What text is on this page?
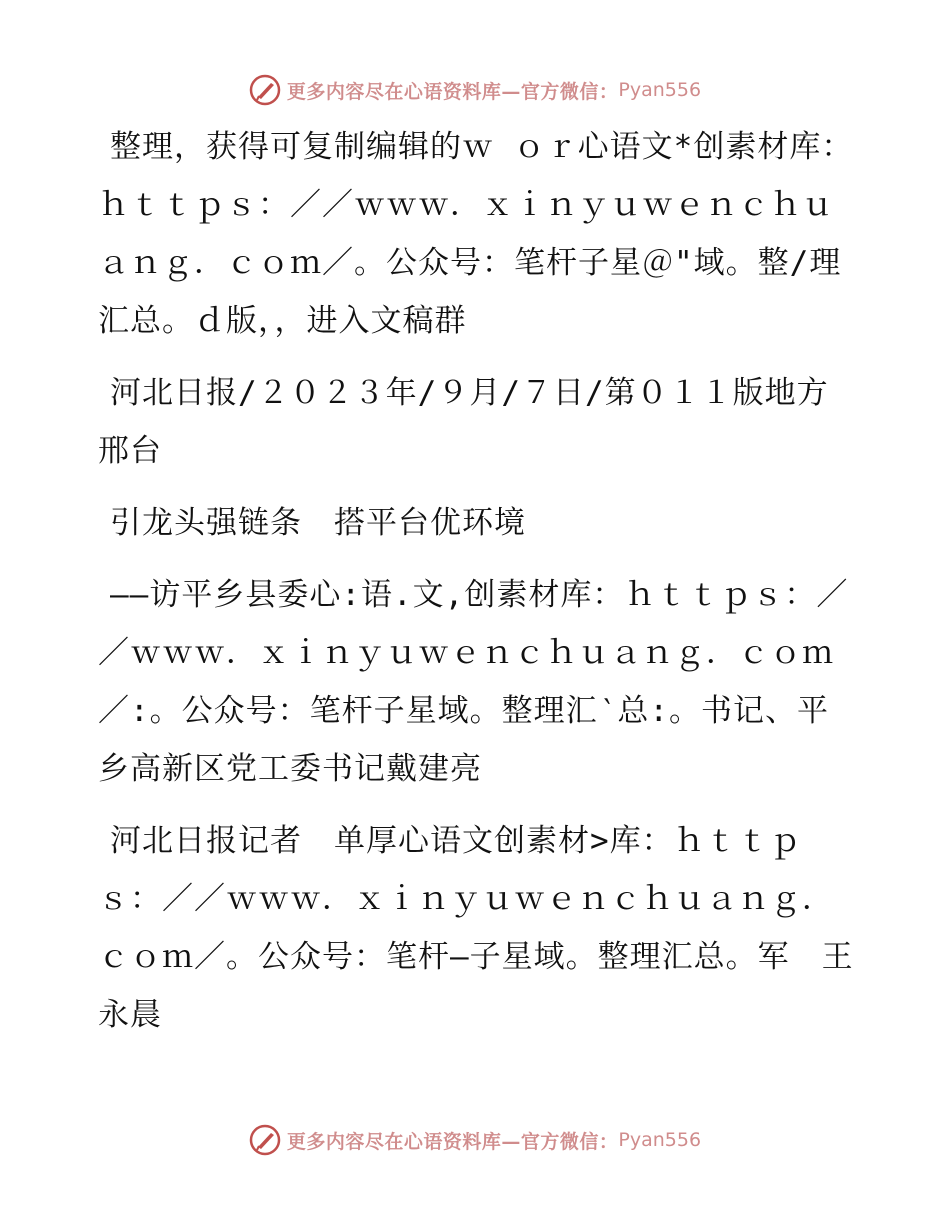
更多内容尽在心语资料库—官方微信： Pyan556

整理，获得可复制编辑的ｗ ｏｒ心语文*创素材库：ｈｔｔｐｓ：／／ｗｗｗ．ｘｉｎｙｕｗｅｎｃｈｕａｎｇ．ｃｏｍ／。公众号：笔杆子星＠"域。整/理汇总。ｄ版，，进入文稿群

河北日报/２０２３年/９月/７日/第０１１版地方 邢台

引龙头强链条　搭平台优环境

——访平乡县委心:语.文,创素材库：ｈｔｔｐｓ：／／ｗｗｗ．ｘｉｎｙｕｗｅｎｃｈｕａｎｇ．ｃｏｍ／:。公众号：笔杆子星域。整理汇‵总:。书记、平乡高新区党工委书记戴建亮

河北日报记者　单厚心语文创素材>库：ｈｔｔｐｓ：／／ｗｗｗ．ｘｉｎｙｕｗｅｎｃｈｕａｎｇ．ｃｏｍ／。公众号：笔杆—子星域。整理汇总。军　王永晨

更多内容尽在心语资料库—官方微信： Pyan556
